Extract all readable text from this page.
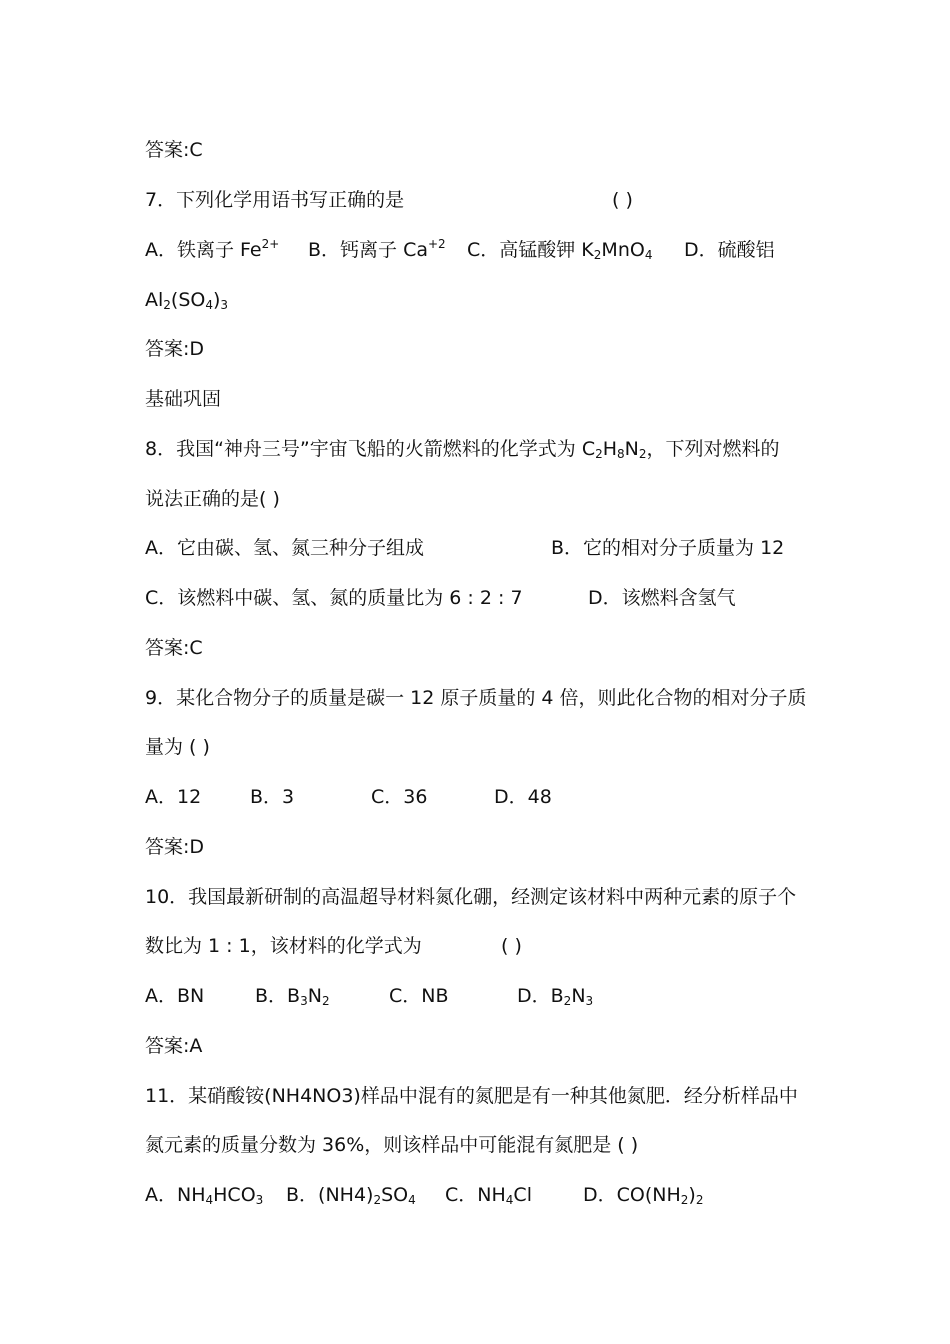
答案:C
7．下列化学用语书写正确的是	( )
A．铁离子 $Fe^{2+}$ B．钙离子 $Ca^{+2}$ C．高锰酸钾 $K_2MnO_4$ D．硫酸铝
$Al_2(SO_4)_3$
答案:D
基础巩固
8．我国“神舟三号”宇宙飞船的火箭燃料的化学式为 $C_2H_8N_2$，下列对燃料的
说法正确的是( )
A．它由碳、氢、氮三种分子组成	B．它的相对分子质量为 12
C．该燃料中碳、氢、氮的质量比为 6 : 2 : 7	D．该燃料含氢气
答案:C
9．某化合物分子的质量是碳一 12 原子质量的 4 倍，则此化合物的相对分子质
量为 ( )
A．12	B．3	C．36	D．48
答案:D
10．我国最新研制的高温超导材料氮化硼，经测定该材料中两种元素的原子个
数比为 1 : 1，该材料的化学式为	( )
A．BN	B．$B_3N_2$	C．NB	D．$B_2N_3$
答案:A
11．某硝酸铵(NH4NO3)样品中混有的氮肥是有一种其他氮肥．经分析样品中
氮元素的质量分数为 36%，则该样品中可能混有氮肥是 ( )
A．$NH_4HCO_3$ B．$(NH4)_2SO_4$ C．$NH_4Cl$	D．$CO(NH_2)_2$
